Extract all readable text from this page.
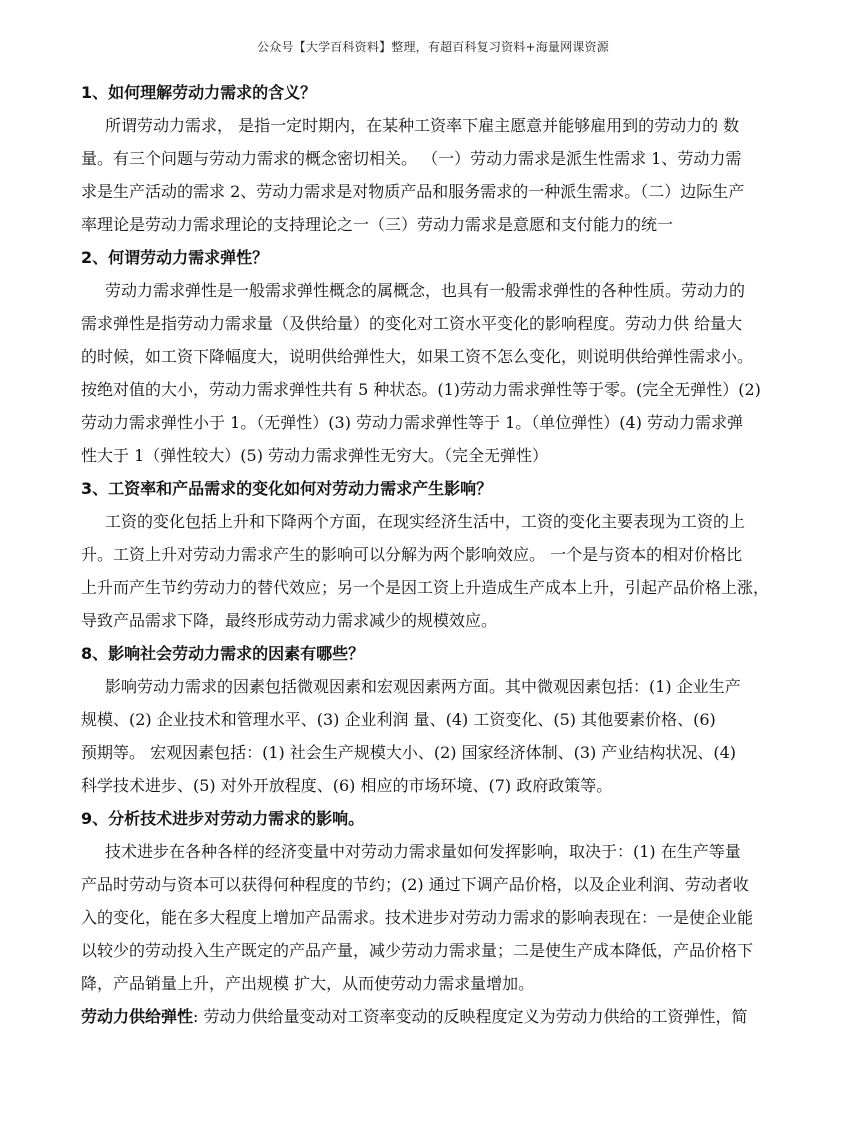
公众号【大学百科资料】整理，有超百科复习资料+海量网课资源
1、如何理解劳动力需求的含义？
所谓劳动力需求， 是指一定时期内，在某种工资率下雇主愿意并能够雇用到的劳动力的 数
量。有三个问题与劳动力需求的概念密切相关。 （一）劳动力需求是派生性需求 1、劳动力需
求是生产活动的需求 2、劳动力需求是对物质产品和服务需求的一种派生需求。（二）边际生产
率理论是劳动力需求理论的支持理论之一（三）劳动力需求是意愿和支付能力的统一
2、何谓劳动力需求弹性？
劳动力需求弹性是一般需求弹性概念的属概念，也具有一般需求弹性的各种性质。劳动力的
需求弹性是指劳动力需求量（及供给量）的变化对工资水平变化的影响程度。劳动力供 给量大
的时候，如工资下降幅度大，说明供给弹性大，如果工资不怎么变化，则说明供给弹性需求小。
按绝对值的大小，劳动力需求弹性共有 5 种状态。(1)劳动力需求弹性等于零。(完全无弹性）(2)
劳动力需求弹性小于 1。（无弹性）(3) 劳动力需求弹性等于 1。（单位弹性）(4) 劳动力需求弹
性大于 1（弹性较大）(5) 劳动力需求弹性无穷大。（完全无弹性）
3、工资率和产品需求的变化如何对劳动力需求产生影响？
工资的变化包括上升和下降两个方面，在现实经济生活中，工资的变化主要表现为工资的上
升。工资上升对劳动力需求产生的影响可以分解为两个影响效应。 一个是与资本的相对价格比
上升而产生节约劳动力的替代效应；另一个是因工资上升造成生产成本上升，引起产品价格上涨，
导致产品需求下降，最终形成劳动力需求减少的规模效应。
8、影响社会劳动力需求的因素有哪些？
影响劳动力需求的因素包括微观因素和宏观因素两方面。其中微观因素包括：(1) 企业生产
规模、(2) 企业技术和管理水平、(3) 企业利润 量、(4) 工资变化、(5) 其他要素价格、(6)
预期等。 宏观因素包括：(1) 社会生产规模大小、(2) 国家经济体制、(3) 产业结构状况、(4)
科学技术进步、(5) 对外开放程度、(6) 相应的市场环境、(7) 政府政策等。
9、分析技术进步对劳动力需求的影响。
技术进步在各种各样的经济变量中对劳动力需求量如何发挥影响，取决于：(1) 在生产等量
产品时劳动与资本可以获得何种程度的节约；(2) 通过下调产品价格，以及企业利润、劳动者收
入的变化，能在多大程度上增加产品需求。技术进步对劳动力需求的影响表现在：一是使企业能
以较少的劳动投入生产既定的产品产量，减少劳动力需求量；二是使生产成本降低，产品价格下
降，产品销量上升，产出规模 扩大，从而使劳动力需求量增加。
劳动力供给弹性: 劳动力供给量变动对工资率变动的反映程度定义为劳动力供给的工资弹性，简
